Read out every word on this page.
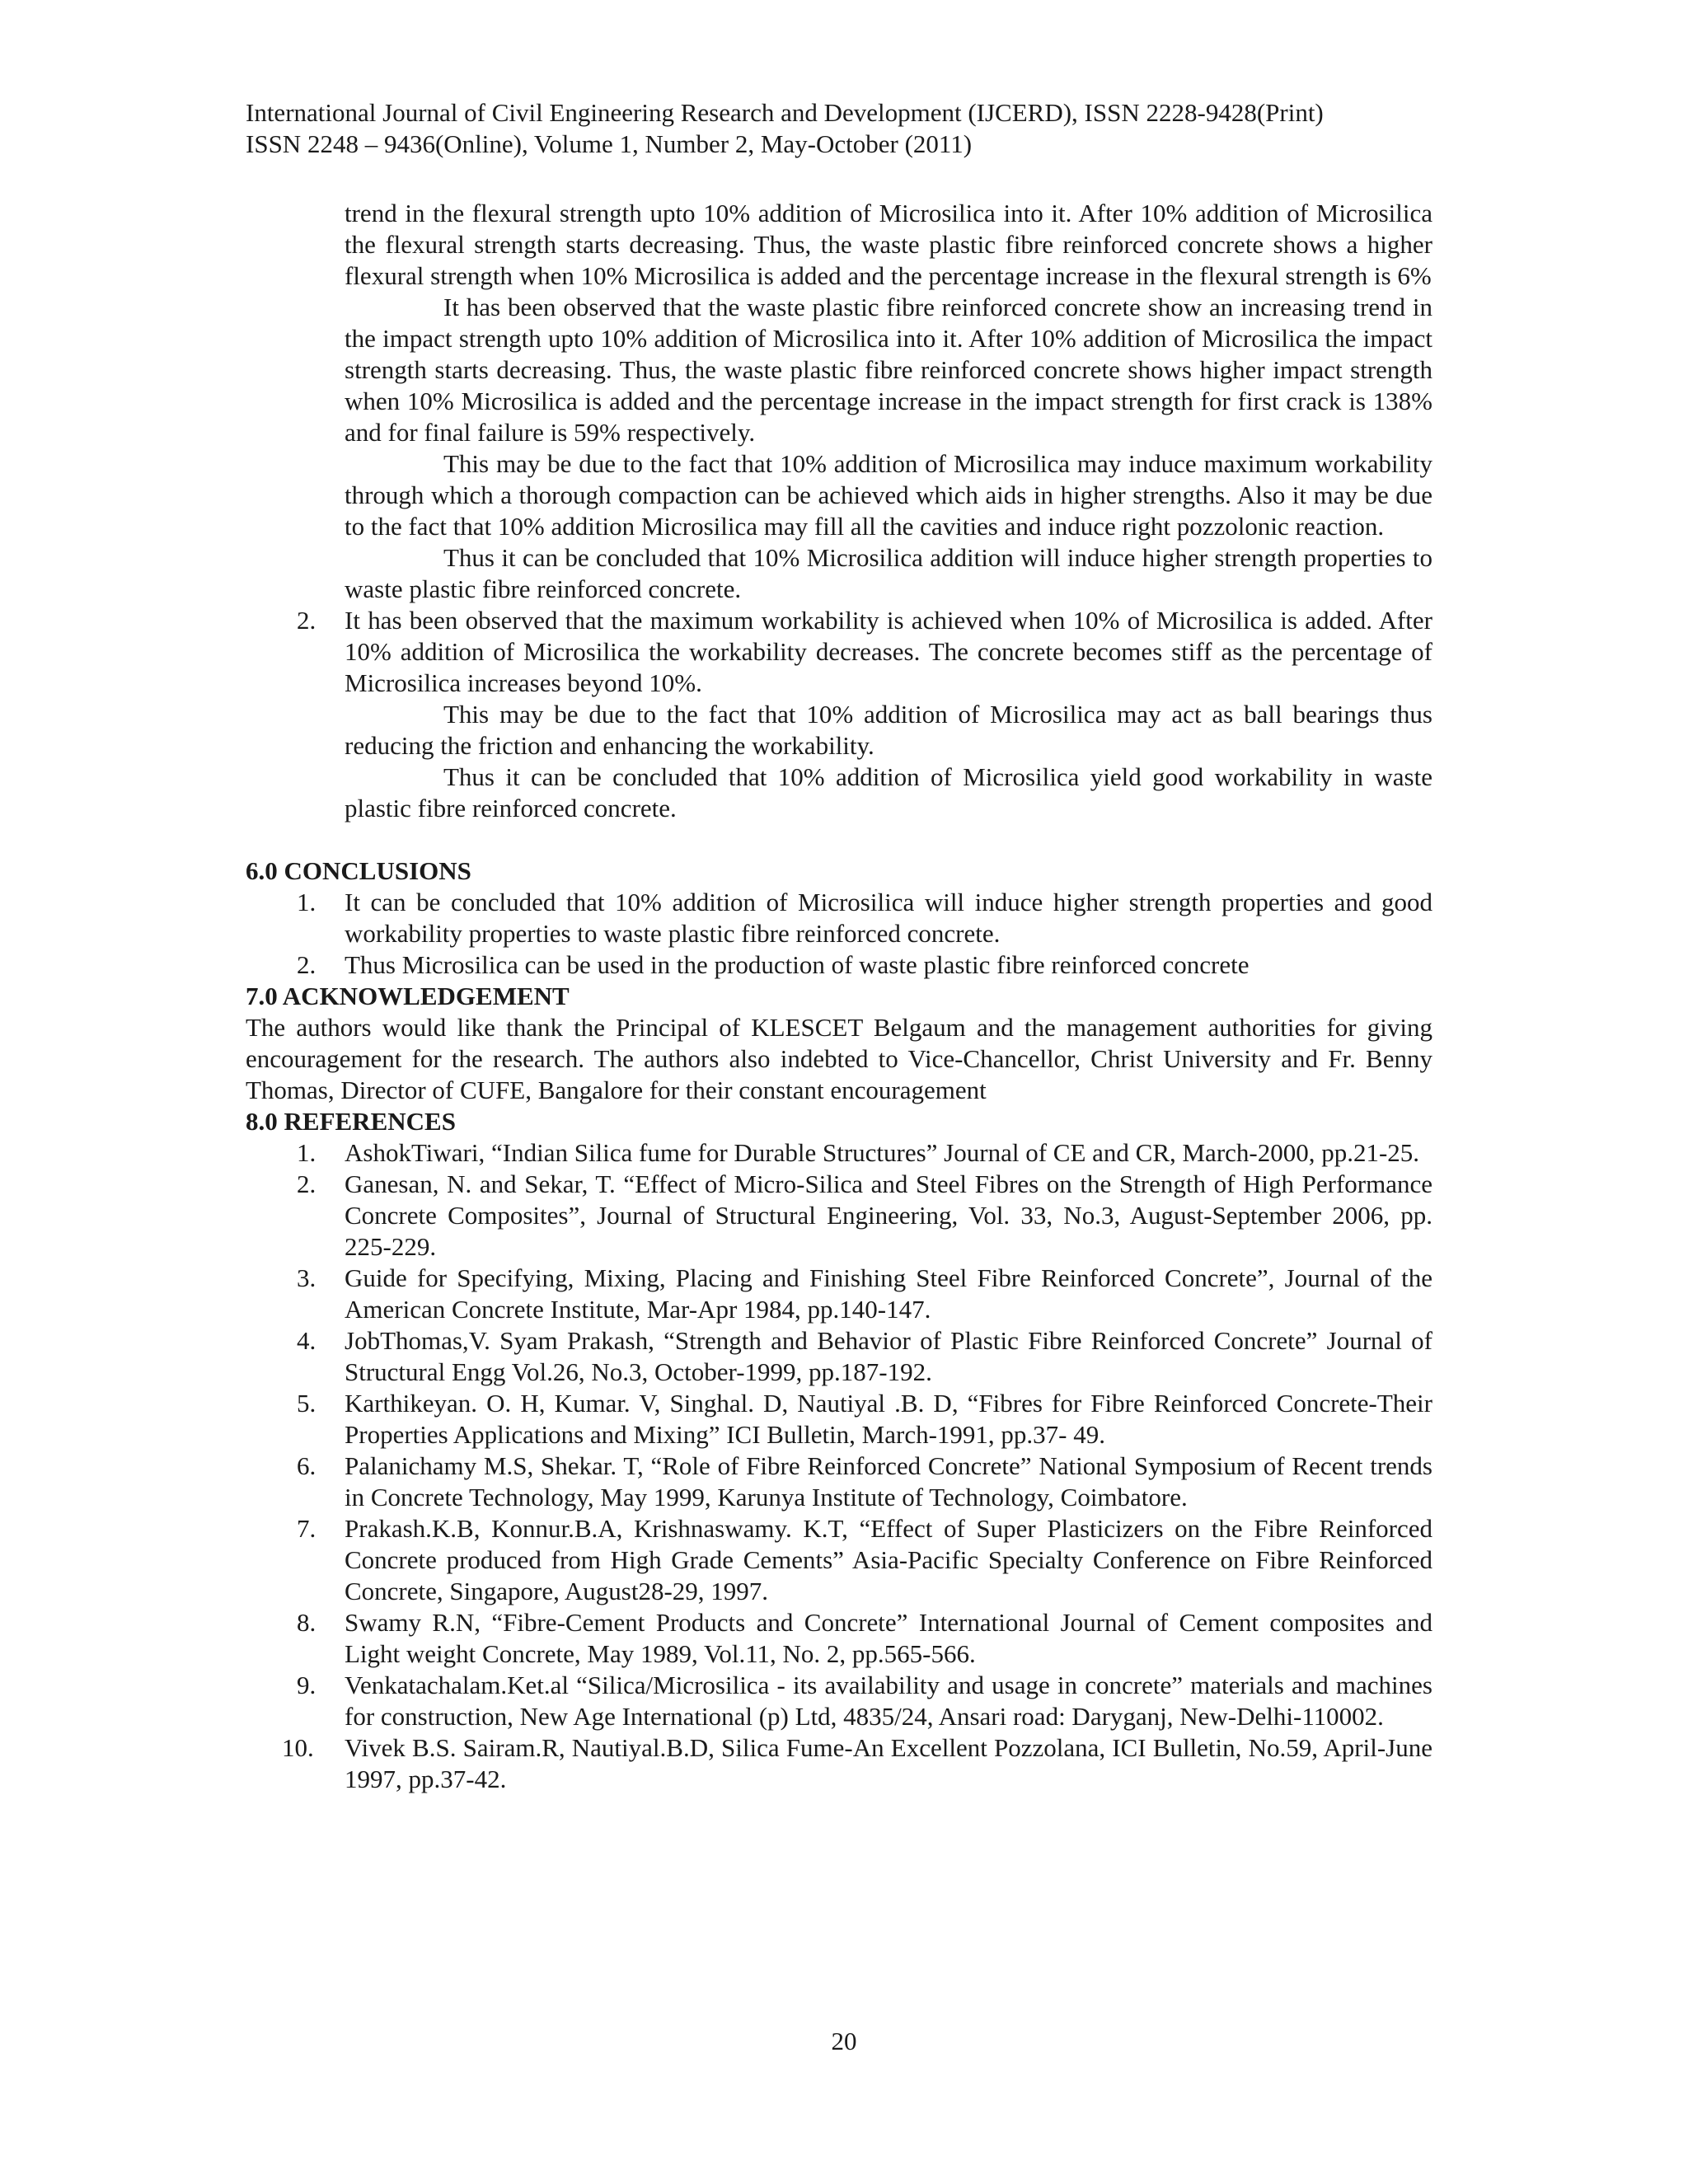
International Journal of Civil Engineering Research and Development (IJCERD), ISSN 2228-9428(Print)
ISSN 2248 – 9436(Online), Volume 1, Number 2, May-October (2011)

trend in the flexural strength upto 10% addition of Microsilica into it. After 10% addition of Microsilica the flexural strength starts decreasing. Thus, the waste plastic fibre reinforced concrete shows a higher flexural strength when 10% Microsilica is added and the percentage increase in the flexural strength is 6%

It has been observed that the waste plastic fibre reinforced concrete show an increasing trend in the impact strength upto 10% addition of Microsilica into it. After 10% addition of Microsilica the impact strength starts decreasing. Thus, the waste plastic fibre reinforced concrete shows higher impact strength when 10% Microsilica is added and the percentage increase in the impact strength for first crack is 138% and for final failure is 59% respectively.

This may be due to the fact that 10% addition of Microsilica may induce maximum workability through which a thorough compaction can be achieved which aids in higher strengths. Also it may be due to the fact that 10% addition Microsilica may fill all the cavities and induce right pozzolonic reaction.

Thus it can be concluded that 10% Microsilica addition will induce higher strength properties to waste plastic fibre reinforced concrete.

2. It has been observed that the maximum workability is achieved when 10% of Microsilica is added. After 10% addition of Microsilica the workability decreases. The concrete becomes stiff as the percentage of Microsilica increases beyond 10%.

This may be due to the fact that 10% addition of Microsilica may act as ball bearings thus reducing the friction and enhancing the workability.

Thus it can be concluded that 10% addition of Microsilica yield good workability in waste plastic fibre reinforced concrete.

6.0 CONCLUSIONS

1. It can be concluded that 10% addition of Microsilica will induce higher strength properties and good workability properties to waste plastic fibre reinforced concrete.

2. Thus Microsilica can be used in the production of waste plastic fibre reinforced concrete

7.0 ACKNOWLEDGEMENT

The authors would like thank the Principal of KLESCET Belgaum and the management authorities for giving encouragement for the research. The authors also indebted to Vice-Chancellor, Christ University and Fr. Benny Thomas, Director of CUFE, Bangalore for their constant encouragement

8.0 REFERENCES

1. AshokTiwari, “Indian Silica fume for Durable Structures” Journal of CE and CR, March-2000, pp.21-25.

2. Ganesan, N. and Sekar, T. “Effect of Micro-Silica and Steel Fibres on the Strength of High Performance Concrete Composites”, Journal of Structural Engineering, Vol. 33, No.3, August-September 2006, pp. 225-229.

3. Guide for Specifying, Mixing, Placing and Finishing Steel Fibre Reinforced Concrete”, Journal of the American Concrete Institute, Mar-Apr 1984, pp.140-147.

4. JobThomas,V. Syam Prakash, “Strength and Behavior of Plastic Fibre Reinforced Concrete” Journal of Structural Engg Vol.26, No.3, October-1999, pp.187-192.

5. Karthikeyan. O. H, Kumar. V, Singhal. D, Nautiyal .B. D, “Fibres for Fibre Reinforced Concrete-Their Properties Applications and Mixing” ICI Bulletin, March-1991, pp.37- 49.

6. Palanichamy M.S, Shekar. T, “Role of Fibre Reinforced Concrete” National Symposium of Recent trends in Concrete Technology, May 1999, Karunya Institute of Technology, Coimbatore.

7. Prakash.K.B, Konnur.B.A, Krishnaswamy. K.T, “Effect of Super Plasticizers on the Fibre Reinforced Concrete produced from High Grade Cements” Asia-Pacific Specialty Conference on Fibre Reinforced Concrete, Singapore, August28-29, 1997.

8. Swamy R.N, “Fibre-Cement Products and Concrete” International Journal of Cement composites and Light weight Concrete, May 1989, Vol.11, No. 2, pp.565-566.

9. Venkatachalam.Ket.al “Silica/Microsilica - its availability and usage in concrete” materials and machines for construction, New Age International (p) Ltd, 4835/24, Ansari road: Daryganj, New-Delhi-110002.

10. Vivek B.S. Sairam.R, Nautiyal.B.D, Silica Fume-An Excellent Pozzolana, ICI Bulletin, No.59, April-June 1997, pp.37-42.

20
